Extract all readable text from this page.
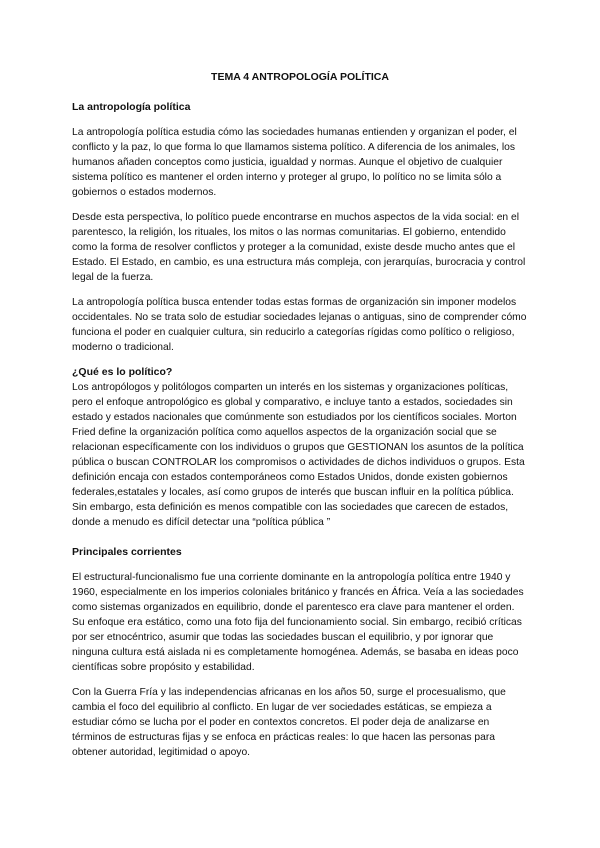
TEMA 4 ANTROPOLOGÍA POLÍTICA
La antropología política

La antropología política estudia cómo las sociedades humanas entienden y organizan el poder, el conflicto y la paz, lo que forma lo que llamamos sistema político. A diferencia de los animales, los humanos añaden conceptos como justicia, igualdad y normas. Aunque el objetivo de cualquier sistema político es mantener el orden interno y proteger al grupo, lo político no se limita sólo a gobiernos o estados modernos.

Desde esta perspectiva, lo político puede encontrarse en muchos aspectos de la vida social: en el parentesco, la religión, los rituales, los mitos o las normas comunitarias. El gobierno, entendido como la forma de resolver conflictos y proteger a la comunidad, existe desde mucho antes que el Estado. El Estado, en cambio, es una estructura más compleja, con jerarquías, burocracia y control legal de la fuerza.

La antropología política busca entender todas estas formas de organización sin imponer modelos occidentales. No se trata solo de estudiar sociedades lejanas o antiguas, sino de comprender cómo funciona el poder en cualquier cultura, sin reducirlo a categorías rígidas como político o religioso, moderno o tradicional.

¿Qué es lo político?

Los antropólogos y politólogos comparten un interés en los sistemas y organizaciones políticas, pero el enfoque antropológico es global y comparativo, e incluye tanto a estados, sociedades sin estado y estados nacionales que comúnmente son estudiados por los científicos sociales. Morton Fried define la organización política como aquellos aspectos de la organización social que se relacionan específicamente con los individuos o grupos que GESTIONAN los asuntos de la política pública o buscan CONTROLAR los compromisos o actividades de dichos individuos o grupos. Esta definición encaja con estados contemporáneos como Estados Unidos, donde existen gobiernos federales,estatales y locales, así como grupos de interés que buscan influir en la política pública. Sin embargo, esta definición es menos compatible con las sociedades que carecen de estados, donde a menudo es difícil detectar una “política pública ”

Principales corrientes

El estructural-funcionalismo fue una corriente dominante en la antropología política entre 1940 y 1960, especialmente en los imperios coloniales británico y francés en África. Veía a las sociedades como sistemas organizados en equilibrio, donde el parentesco era clave para mantener el orden. Su enfoque era estático, como una foto fija del funcionamiento social. Sin embargo, recibió críticas por ser etnocéntrico, asumir que todas las sociedades buscan el equilibrio, y por ignorar que ninguna cultura está aislada ni es completamente homogénea. Además, se basaba en ideas poco científicas sobre propósito y estabilidad.

Con la Guerra Fría y las independencias africanas en los años 50, surge el procesualismo, que cambia el foco del equilibrio al conflicto. En lugar de ver sociedades estáticas, se empieza a estudiar cómo se lucha por el poder en contextos concretos. El poder deja de analizarse en términos de estructuras fijas y se enfoca en prácticas reales: lo que hacen las personas para obtener autoridad, legitimidad o apoyo.
